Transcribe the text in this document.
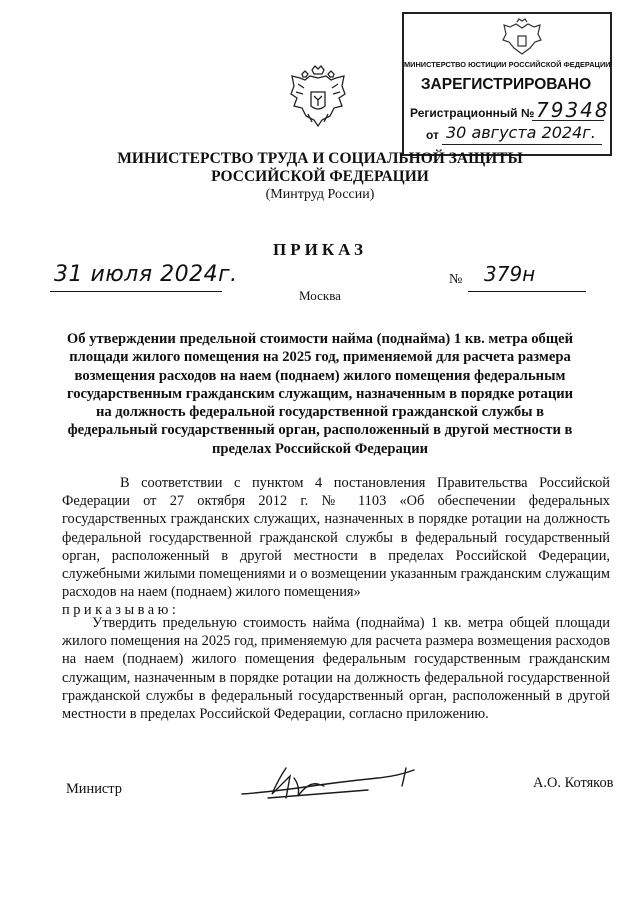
МИНИСТЕРСТВО ЮСТИЦИИ РОССИЙСКОЙ ФЕДЕРАЦИИ
ЗАРЕГИСТРИРОВАНО
Регистрационный № 79348
от 30 августа 2024г.
МИНИСТЕРСТВО ТРУДА И СОЦИАЛЬНОЙ ЗАЩИТЫ РОССИЙСКОЙ ФЕДЕРАЦИИ
(Минтруд России)
ПРИКАЗ
31 июля 2024г.	№ 379н
Москва
Об утверждении предельной стоимости найма (поднайма) 1 кв. метра общей площади жилого помещения на 2025 год, применяемой для расчета размера возмещения расходов на наем (поднаем) жилого помещения федеральным государственным гражданским служащим, назначенным в порядке ротации на должность федеральной государственной гражданской службы в федеральный государственный орган, расположенный в другой местности в пределах Российской Федерации
В соответствии с пунктом 4 постановления Правительства Российской Федерации от 27 октября 2012 г. № 1103 «Об обеспечении федеральных государственных гражданских служащих, назначенных в порядке ротации на должность федеральной государственной гражданской службы в федеральный государственный орган, расположенный в другой местности в пределах Российской Федерации, служебными жилыми помещениями и о возмещении указанным гражданским служащим расходов на наем (поднаем) жилого помещения»
приказываю:
Утвердить предельную стоимость найма (поднайма) 1 кв. метра общей площади жилого помещения на 2025 год, применяемую для расчета размера возмещения расходов на наем (поднаем) жилого помещения федеральным государственным гражданским служащим, назначенным в порядке ротации на должность федеральной государственной гражданской службы в федеральный государственный орган, расположенный в другой местности в пределах Российской Федерации, согласно приложению.
Министр	А.О. Котяков
